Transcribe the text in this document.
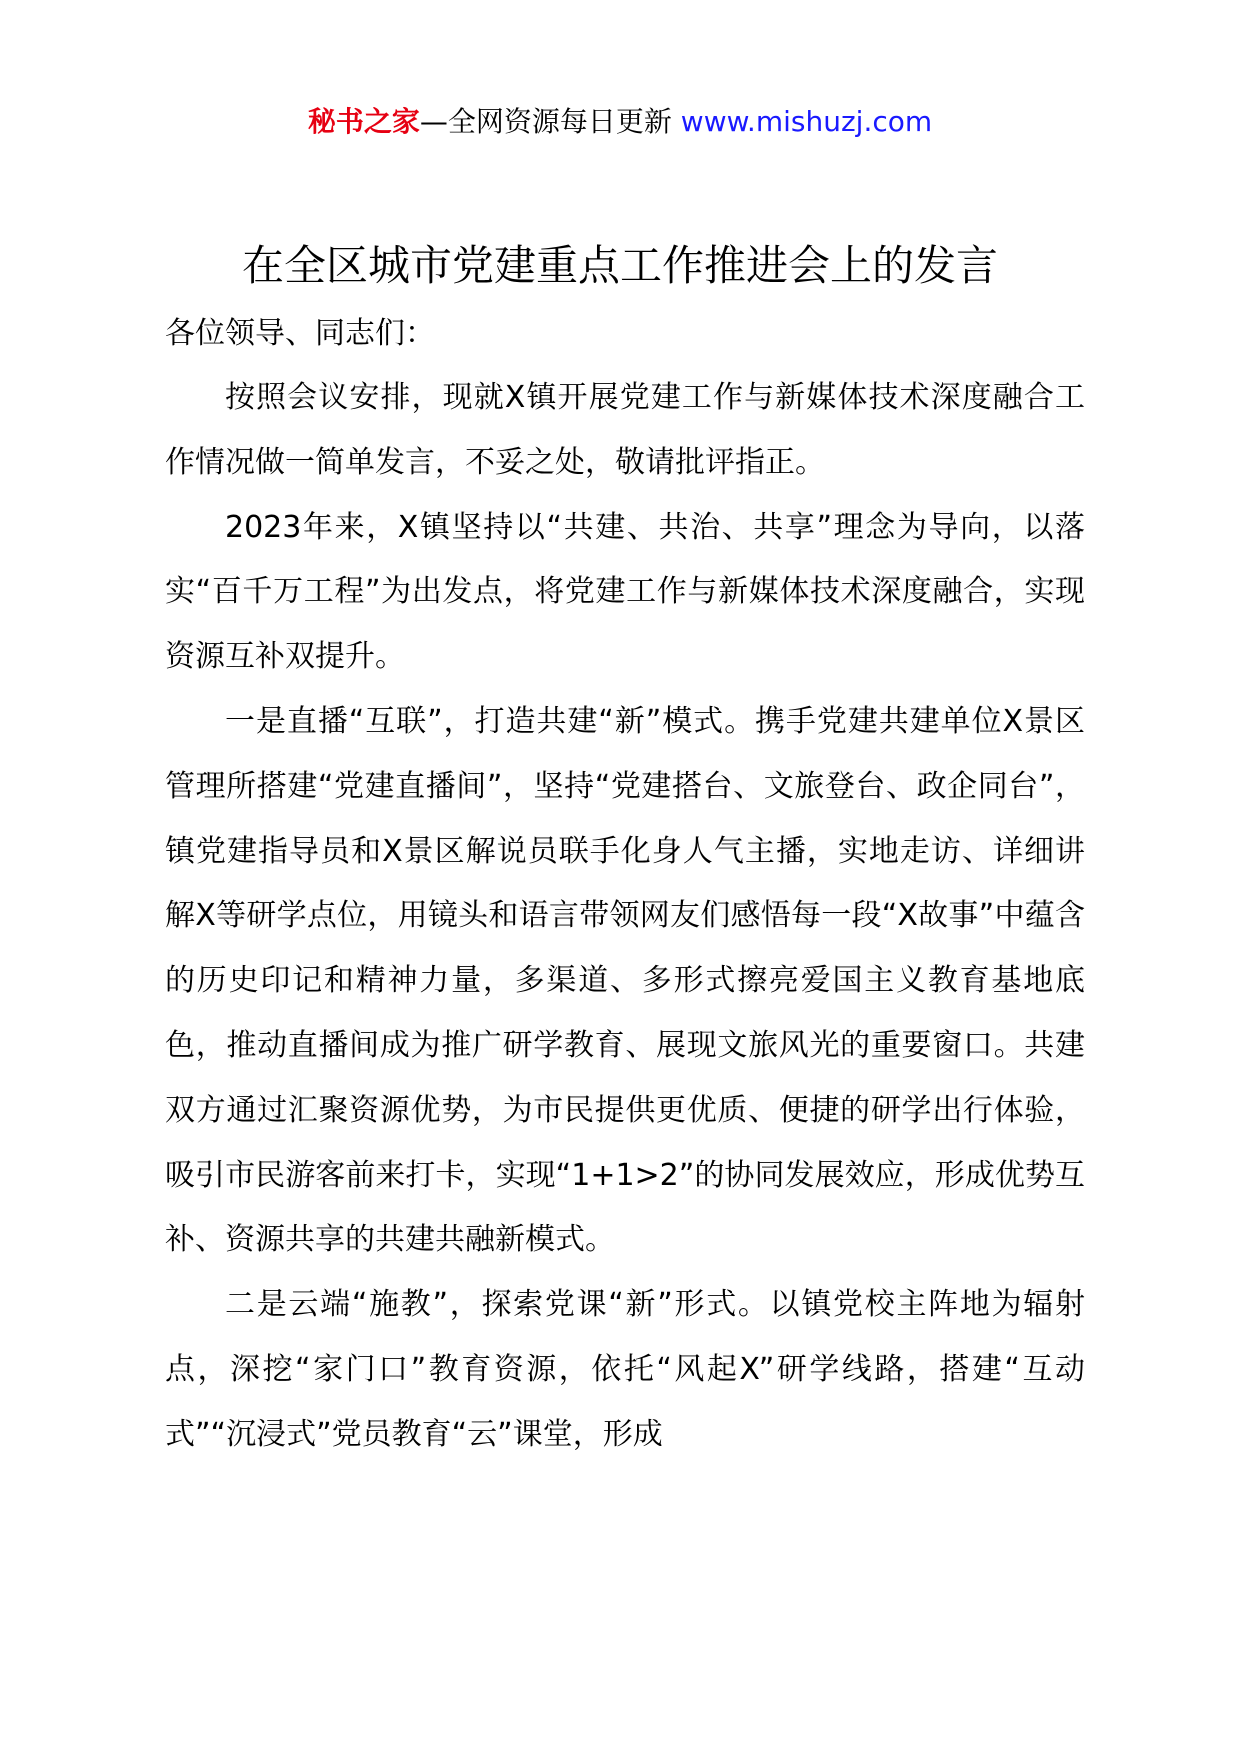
秘书之家—全网资源每日更新 www.mishuzj.com
在全区城市党建重点工作推进会上的发言

各位领导、同志们：

按照会议安排，现就X镇开展党建工作与新媒体技术深度融合工作情况做一简单发言，不妥之处，敬请批评指正。

2023年来，X镇坚持以“共建、共治、共享”理念为导向，以落实“百千万工程”为出发点，将党建工作与新媒体技术深度融合，实现资源互补双提升。

一是直播“互联”，打造共建“新”模式。携手党建共建单位X景区管理所搭建“党建直播间”，坚持“党建搭台、文旅登台、政企同台”，镇党建指导员和X景区解说员联手化身人气主播，实地走访、详细讲解X等研学点位，用镜头和语言带领网友们感悟每一段“X故事”中蕴含的历史印记和精神力量，多渠道、多形式擦亮爱国主义教育基地底色，推动直播间成为推广研学教育、展现文旅风光的重要窗口。共建双方通过汇聚资源优势，为市民提供更优质、便捷的研学出行体验，吸引市民游客前来打卡，实现“1+1>2”的协同发展效应，形成优势互补、资源共享的共建共融新模式。

二是云端“施教”，探索党课“新”形式。以镇党校主阵地为辐射点，深挖“家门口”教育资源，依托“风起X”研学线路，搭建“互动式”“沉浸式”党员教育“云”课堂，形成
